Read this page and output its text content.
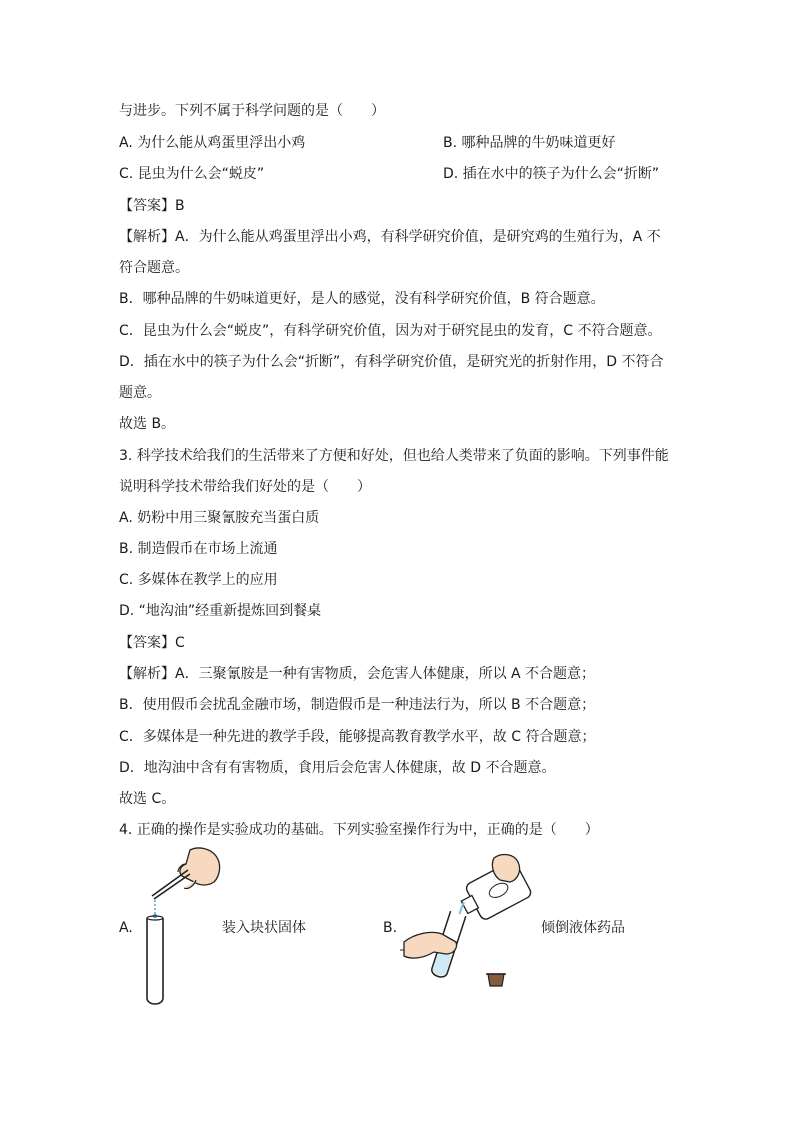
与进步。下列不属于科学问题的是（　　）
A. 为什么能从鸡蛋里浮出小鸡	B. 哪种品牌的牛奶味道更好
C. 昆虫为什么会“蜕皮”	D. 插在水中的筷子为什么会“折断”
【答案】B
【解析】A．为什么能从鸡蛋里浮出小鸡，有科学研究价值，是研究鸡的生殖行为，A 不
符合题意。
B．哪种品牌的牛奶味道更好，是人的感觉，没有科学研究价值，B 符合题意。
C．昆虫为什么会“蜕皮”，有科学研究价值，因为对于研究昆虫的发育，C 不符合题意。
D．插在水中的筷子为什么会“折断”，有科学研究价值，是研究光的折射作用，D 不符合
题意。
故选 B。
3. 科学技术给我们的生活带来了方便和好处，但也给人类带来了负面的影响。下列事件能
说明科学技术带给我们好处的是（　　）
A. 奶粉中用三聚氰胺充当蛋白质
B. 制造假币在市场上流通
C. 多媒体在教学上的应用
D. “地沟油”经重新提炼回到餐桌
【答案】C
【解析】A．三聚氰胺是一种有害物质，会危害人体健康，所以 A 不合题意；
B．使用假币会扰乱金融市场，制造假币是一种违法行为，所以 B 不合题意；
C．多媒体是一种先进的教学手段，能够提高教育教学水平，故 C 符合题意；
D．地沟油中含有有害物质，食用后会危害人体健康，故 D 不合题意。
故选 C。
4. 正确的操作是实验成功的基础。下列实验室操作行为中，正确的是（　　）
A.	装入块状固体	B.	倾倒液体药品
